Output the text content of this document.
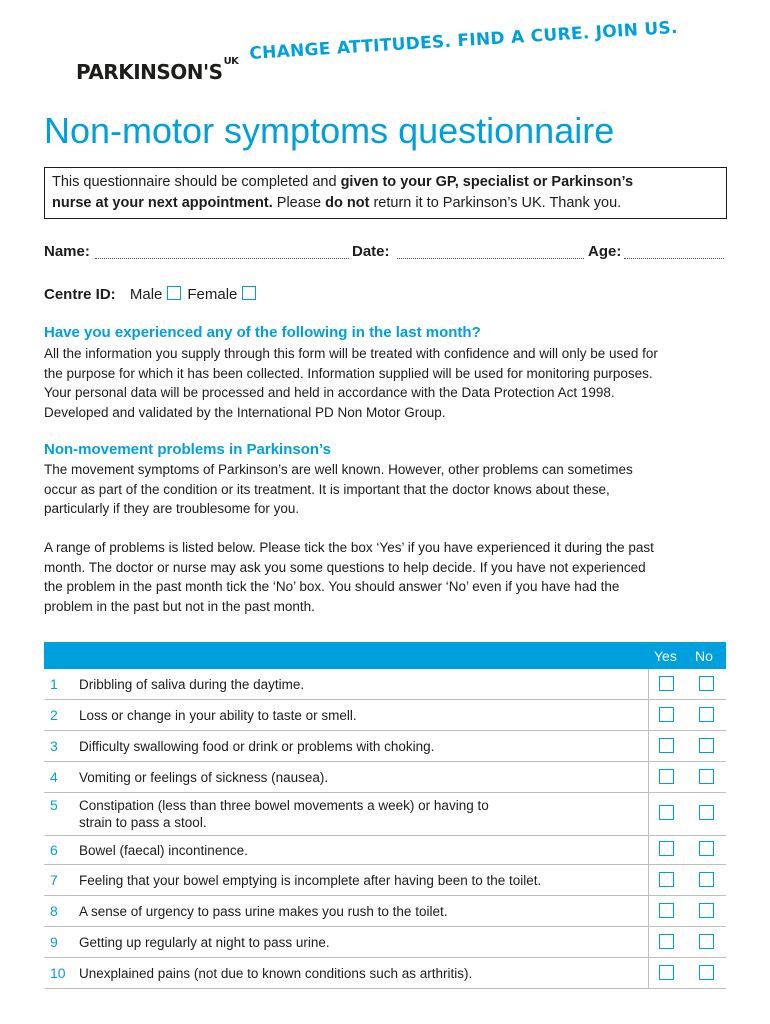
$PARKINSON'S^{UK}$ CHANGE ATTITUDES. FIND A CURE. JOIN US.
Non-motor symptoms questionnaire
This questionnaire should be completed and given to your GP, specialist or Parkinson’s
nurse at your next appointment. Please do not return it to Parkinson’s UK. Thank you.
Name:	Date:	Age:
Centre ID: Male Female
Have you experienced any of the following in the last month?
All the information you supply through this form will be treated with confidence and will only be used for
the purpose for which it has been collected. Information supplied will be used for monitoring purposes.
Your personal data will be processed and held in accordance with the Data Protection Act 1998.
Developed and validated by the International PD Non Motor Group.
Non-movement problems in Parkinson’s
The movement symptoms of Parkinson’s are well known. However, other problems can sometimes
occur as part of the condition or its treatment. It is important that the doctor knows about these,
particularly if they are troublesome for you.
A range of problems is listed below. Please tick the box ‘Yes’ if you have experienced it during the past
month. The doctor or nurse may ask you some questions to help decide. If you have not experienced
the problem in the past month tick the ‘No’ box. You should answer ‘No’ even if you have had the
problem in the past but not in the past month.
Yes No
1 Dribbling of saliva during the daytime.
2 Loss or change in your ability to taste or smell.
3 Difficulty swallowing food or drink or problems with choking.
4 Vomiting or feelings of sickness (nausea).
5 Constipation (less than three bowel movements a week) or having to
strain to pass a stool.
6 Bowel (faecal) incontinence.
7 Feeling that your bowel emptying is incomplete after having been to the toilet.
8 A sense of urgency to pass urine makes you rush to the toilet.
9 Getting up regularly at night to pass urine.
10 Unexplained pains (not due to known conditions such as arthritis).
